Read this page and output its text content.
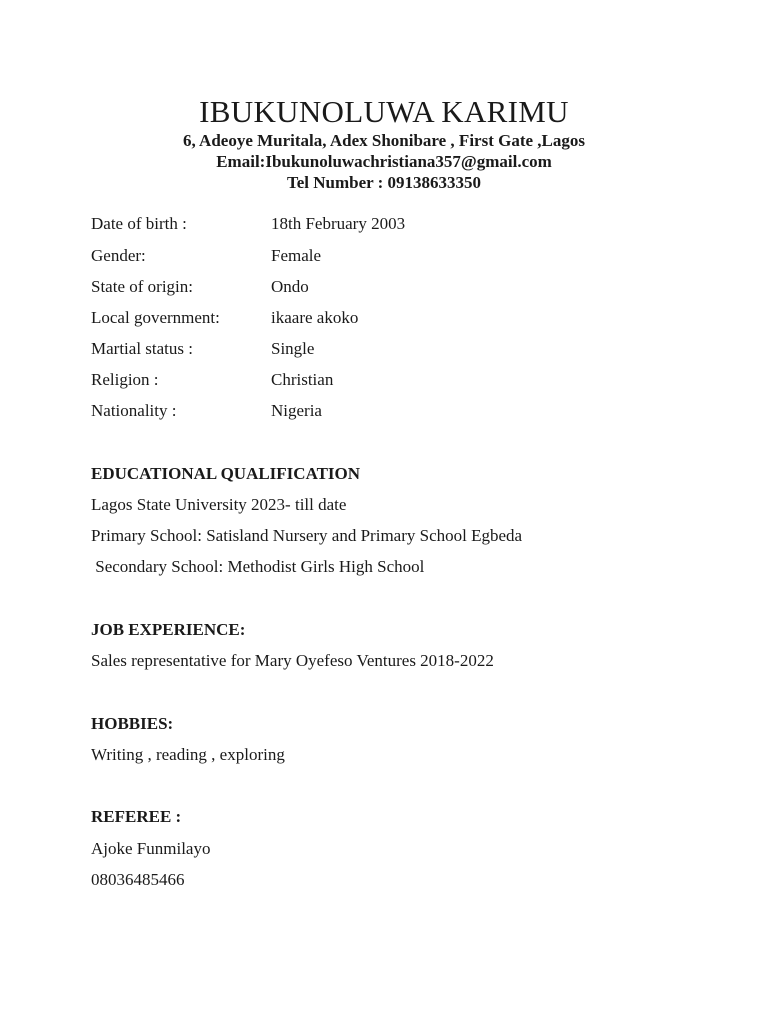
IBUKUNOLUWA KARIMU
6, Adeoye Muritala, Adex Shonibare , First Gate ,Lagos
Email:Ibukunoluwachristiana357@gmail.com
Tel Number : 09138633350
Date of birth :	18th February 2003
Gender:	Female
State of origin:	Ondo
Local government:	ikaare akoko
Martial status :	Single
Religion :	Christian
Nationality :	Nigeria
EDUCATIONAL QUALIFICATION
Lagos State University 2023- till date
Primary School: Satisland Nursery and Primary School Egbeda
Secondary School: Methodist Girls High School
JOB EXPERIENCE:
Sales representative for Mary Oyefeso Ventures 2018-2022
HOBBIES:
Writing , reading , exploring
REFEREE :
Ajoke Funmilayo
08036485466
